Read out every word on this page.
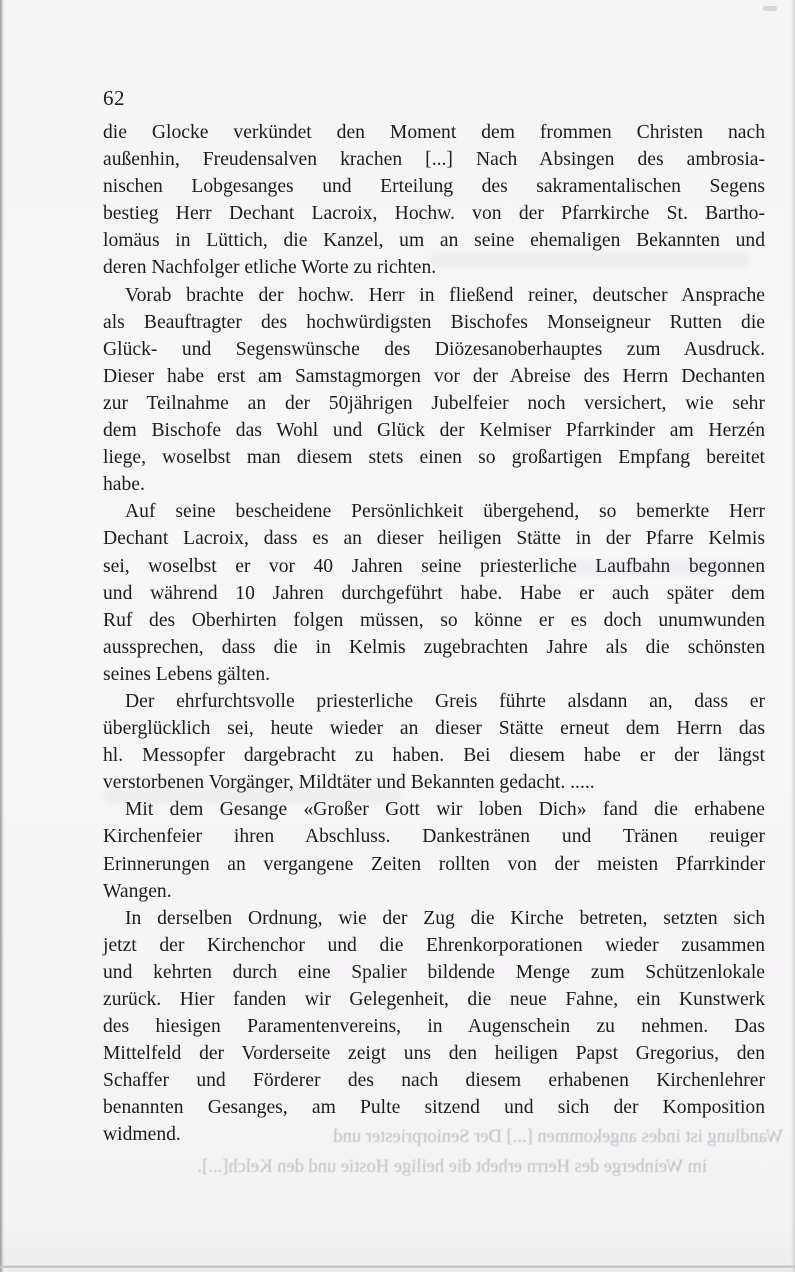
62
die Glocke verkündet den Moment dem frommen Christen nach
außenhin, Freudensalven krachen [...] Nach Absingen des ambrosia-
nischen Lobgesanges und Erteilung des sakramentalischen Segens
bestieg Herr Dechant Lacroix, Hochw. von der Pfarrkirche St. Bartho-
lomäus in Lüttich, die Kanzel, um an seine ehemaligen Bekannten und
deren Nachfolger etliche Worte zu richten.
Vorab brachte der hochw. Herr in fließend reiner, deutscher Ansprache
als Beauftragter des hochwürdigsten Bischofes Monseigneur Rutten die
Glück- und Segenswünsche des Diözesanoberhauptes zum Ausdruck.
Dieser habe erst am Samstagmorgen vor der Abreise des Herrn Dechanten
zur Teilnahme an der 50jährigen Jubelfeier noch versichert, wie sehr
dem Bischofe das Wohl und Glück der Kelmiser Pfarrkinder am Herzén
liege, woselbst man diesem stets einen so großartigen Empfang bereitet
habe.
Auf seine bescheidene Persönlichkeit übergehend, so bemerkte Herr
Dechant Lacroix, dass es an dieser heiligen Stätte in der Pfarre Kelmis
sei, woselbst er vor 40 Jahren seine priesterliche Laufbahn begonnen
und während 10 Jahren durchgeführt habe. Habe er auch später dem
Ruf des Oberhirten folgen müssen, so könne er es doch unumwunden
aussprechen, dass die in Kelmis zugebrachten Jahre als die schönsten
seines Lebens gälten.
Der ehrfurchtsvolle priesterliche Greis führte alsdann an, dass er
überglücklich sei, heute wieder an dieser Stätte erneut dem Herrn das
hl. Messopfer dargebracht zu haben. Bei diesem habe er der längst
verstorbenen Vorgänger, Mildtäter und Bekannten gedacht. .....
Mit dem Gesange «Großer Gott wir loben Dich» fand die erhabene
Kirchenfeier ihren Abschluss. Dankestränen und Tränen reuiger
Erinnerungen an vergangene Zeiten rollten von der meisten Pfarrkinder
Wangen.
In derselben Ordnung, wie der Zug die Kirche betreten, setzten sich
jetzt der Kirchenchor und die Ehrenkorporationen wieder zusammen
und kehrten durch eine Spalier bildende Menge zum Schützenlokale
zurück. Hier fanden wir Gelegenheit, die neue Fahne, ein Kunstwerk
des hiesigen Paramentenvereins, in Augenschein zu nehmen. Das
Mittelfeld der Vorderseite zeigt uns den heiligen Papst Gregorius, den
Schaffer und Förderer des nach diesem erhabenen Kirchenlehrer
benannten Gesanges, am Pulte sitzend und sich der Komposition
widmend.	Wandlung ist indes angekommen [...] Der Seniorpriester und
im Weinberge des Herrn erhebt die heilige Hostie und den Kelch[...].
